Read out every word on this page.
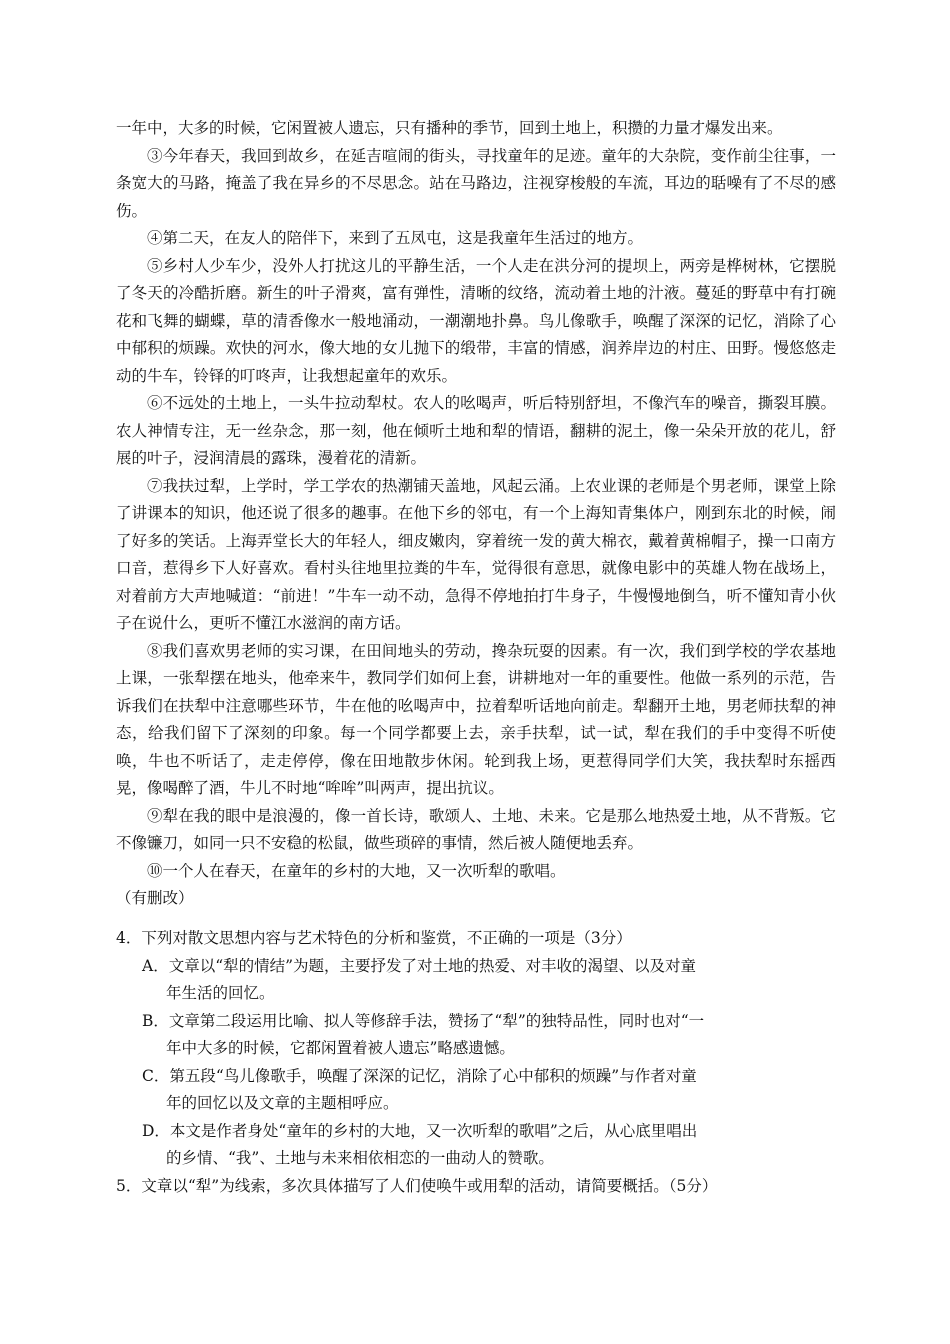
一年中，大多的时候，它闲置被人遗忘，只有播种的季节，回到土地上，积攒的力量才爆发出来。

③今年春天，我回到故乡，在延吉喧闹的街头，寻找童年的足迹。童年的大杂院，变作前尘往事，一条宽大的马路，掩盖了我在异乡的不尽思念。站在马路边，注视穿梭般的车流，耳边的聒噪有了不尽的感伤。

④第二天，在友人的陪伴下，来到了五凤屯，这是我童年生活过的地方。

⑤乡村人少车少，没外人打扰这儿的平静生活，一个人走在洪分河的提坝上，两旁是桦树林，它摆脱了冬天的冷酷折磨。新生的叶子滑爽，富有弹性，清晰的纹络，流动着土地的汁液。蔓延的野草中有打碗花和飞舞的蝴蝶，草的清香像水一般地涌动，一潮潮地扑鼻。鸟儿像歌手，唤醒了深深的记忆，消除了心中郁积的烦躁。欢快的河水，像大地的女儿抛下的缎带，丰富的情感，润养岸边的村庄、田野。慢悠悠走动的牛车，铃铎的叮咚声，让我想起童年的欢乐。

⑥不远处的土地上，一头牛拉动犁杖。农人的吆喝声，听后特别舒坦，不像汽车的噪音，撕裂耳膜。农人神情专注，无一丝杂念，那一刻，他在倾听土地和犁的情语，翻耕的泥土，像一朵朵开放的花儿，舒展的叶子，浸润清晨的露珠，漫着花的清新。

⑦我扶过犁，上学时，学工学农的热潮铺天盖地，风起云涌。上农业课的老师是个男老师，课堂上除了讲课本的知识，他还说了很多的趣事。在他下乡的邻屯，有一个上海知青集体户，刚到东北的时候，闹了好多的笑话。上海弄堂长大的年轻人，细皮嫩肉，穿着统一发的黄大棉衣，戴着黄棉帽子，操一口南方口音，惹得乡下人好喜欢。看村头往地里拉粪的牛车，觉得很有意思，就像电影中的英雄人物在战场上，对着前方大声地喊道：“前进！”牛车一动不动，急得不停地拍打牛身子，牛慢慢地倒刍，听不懂知青小伙子在说什么，更听不懂江水滋润的南方话。

⑧我们喜欢男老师的实习课，在田间地头的劳动，搀杂玩耍的因素。有一次，我们到学校的学农基地上课，一张犁摆在地头，他牵来牛，教同学们如何上套，讲耕地对一年的重要性。他做一系列的示范，告诉我们在扶犁中注意哪些环节，牛在他的吆喝声中，拉着犁听话地向前走。犁翻开土地，男老师扶犁的神态，给我们留下了深刻的印象。每一个同学都要上去，亲手扶犁，试一试，犁在我们的手中变得不听使唤，牛也不听话了，走走停停，像在田地散步休闲。轮到我上场，更惹得同学们大笑，我扶犁时东摇西晃，像喝醉了酒，牛儿不时地“哞哞”叫两声，提出抗议。

⑨犁在我的眼中是浪漫的，像一首长诗，歌颂人、土地、未来。它是那么地热爱土地，从不背叛。它不像镰刀，如同一只不安稳的松鼠，做些琐碎的事情，然后被人随便地丢弃。

⑩一个人在春天，在童年的乡村的大地，又一次听犁的歌唱。

（有删改）

4．下列对散文思想内容与艺术特色的分析和鉴赏，不正确的一项是（3分）

A．文章以“犁的情结”为题，主要抒发了对土地的热爱、对丰收的渴望、以及对童
年生活的回忆。

B．文章第二段运用比喻、拟人等修辞手法，赞扬了“犁”的独特品性，同时也对“一
年中大多的时候，它都闲置着被人遗忘”略感遗憾。

C．第五段“鸟儿像歌手，唤醒了深深的记忆，消除了心中郁积的烦躁”与作者对童
年的回忆以及文章的主题相呼应。

D．本文是作者身处“童年的乡村的大地，又一次听犁的歌唱”之后，从心底里唱出
的乡情、“我”、土地与未来相依相恋的一曲动人的赞歌。

5．文章以“犁”为线索，多次具体描写了人们使唤牛或用犁的活动，请简要概括。（5分）
